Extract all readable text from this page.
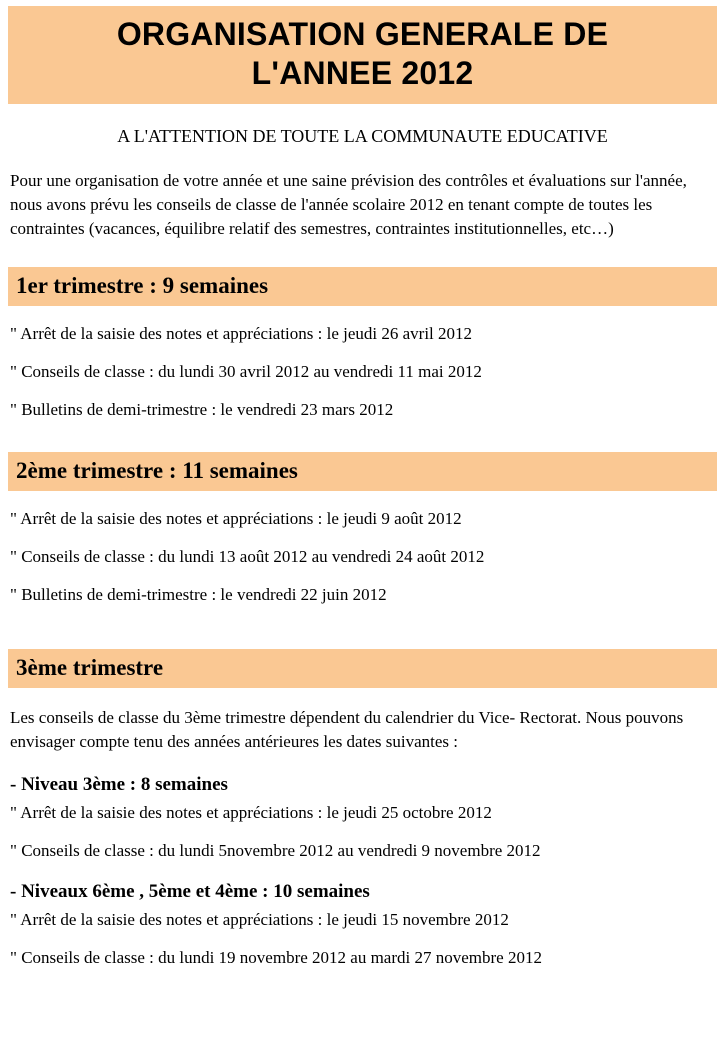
ORGANISATION GENERALE DE
L'ANNEE 2012
A L'ATTENTION DE TOUTE LA COMMUNAUTE EDUCATIVE
Pour une organisation de votre année et une saine prévision des contrôles et évaluations sur l'année, nous avons prévu les conseils de classe de l'année scolaire 2012 en tenant compte de toutes les contraintes (vacances, équilibre relatif des semestres, contraintes institutionnelles, etc…)
1er trimestre : 9 semaines
" Arrêt de la saisie des notes et appréciations : le jeudi 26 avril 2012
" Conseils de classe : du lundi 30 avril 2012 au vendredi 11 mai 2012
" Bulletins de demi-trimestre : le vendredi 23 mars 2012
2ème trimestre : 11 semaines
" Arrêt de la saisie des notes et appréciations : le jeudi 9 août 2012
" Conseils de classe : du lundi 13 août 2012 au vendredi 24 août 2012
" Bulletins de demi-trimestre : le vendredi 22 juin 2012
3ème trimestre
Les conseils de classe du 3ème trimestre dépendent du calendrier du Vice- Rectorat. Nous pouvons envisager compte tenu des années antérieures les dates suivantes :
- Niveau 3ème : 8 semaines
" Arrêt de la saisie des notes et appréciations : le jeudi 25 octobre 2012
" Conseils de classe : du lundi 5novembre 2012 au vendredi 9 novembre 2012
- Niveaux 6ème , 5ème et 4ème : 10 semaines
" Arrêt de la saisie des notes et appréciations : le jeudi 15 novembre 2012
" Conseils de classe : du lundi 19 novembre 2012 au mardi 27 novembre 2012
